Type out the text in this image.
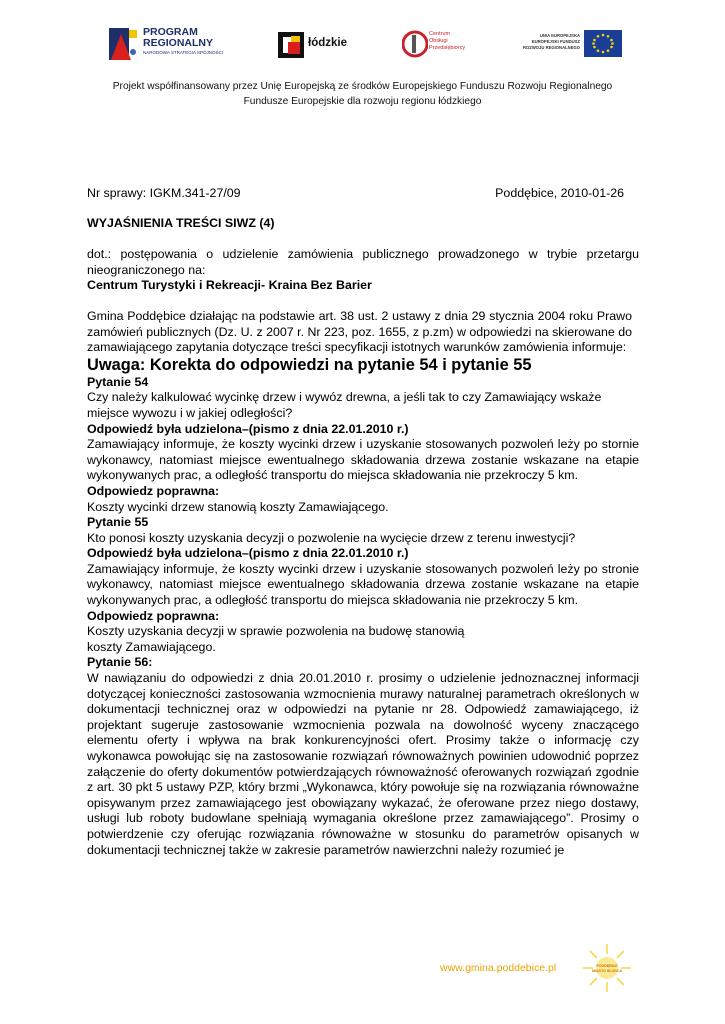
PROGRAM
REGIONALNY
NARODOWA STRATEGIA SPÓJNOŚCI
łódzkie
Centrum
Obsługi
Przedsiębiorcy
UNIA EUROPEJSKA
EUROPEJSKI FUNDUSZ
ROZWOJU REGIONALNEGO
Projekt współfinansowany przez Unię Europejską ze środków Europejskiego Funduszu Rozwoju Regionalnego
Fundusze Europejskie dla rozwoju regionu łódzkiego
Nr sprawy: IGKM.341-27/09	Poddębice, 2010-01-26

WYJAŚNIENIA TREŚCI SIWZ (4)

dot.: postępowania o udzielenie zamówienia publicznego prowadzonego w trybie przetargu nieograniczonego na:

Centrum Turystyki i Rekreacji- Kraina Bez Barier

Gmina Poddębice działając na podstawie art. 38 ust. 2 ustawy z dnia 29 stycznia 2004 roku Prawo zamówień publicznych (Dz. U. z 2007 r. Nr 223, poz. 1655, z p.zm) w odpowiedzi na skierowane do zamawiającego zapytania dotyczące treści specyfikacji istotnych warunków zamówienia informuje:

Uwaga: Korekta do odpowiedzi na pytanie 54 i pytanie 55

Pytanie 54

Czy należy kalkulować wycinkę drzew i wywóz drewna, a jeśli tak to czy Zamawiający wskaże miejsce wywozu i w jakiej odległości?

Odpowiedź była udzielona–(pismo z dnia 22.01.2010 r.)

Zamawiający informuje, że koszty wycinki drzew i uzyskanie stosowanych pozwoleń leży po stornie wykonawcy, natomiast miejsce ewentualnego składowania drzewa zostanie wskazane na etapie wykonywanych prac, a odległość transportu do miejsca składowania nie przekroczy 5 km.

Odpowiedz poprawna:

Koszty wycinki drzew stanowią koszty Zamawiającego.

Pytanie 55

Kto ponosi koszty uzyskania decyzji o pozwolenie na wycięcie drzew z terenu inwestycji?

Odpowiedź była udzielona–(pismo z dnia 22.01.2010 r.)

Zamawiający informuje, że koszty wycinki drzew i uzyskanie stosowanych pozwoleń leży po stronie wykonawcy, natomiast miejsce ewentualnego składowania drzewa zostanie wskazane na etapie wykonywanych prac, a odległość transportu do miejsca składowania nie przekroczy 5 km.

Odpowiedz poprawna:

Koszty uzyskania decyzji w sprawie pozwolenia na budowę stanowią koszty Zamawiającego.

Pytanie 56:

W nawiązaniu do odpowiedzi z dnia 20.01.2010 r. prosimy o udzielenie jednoznacznej informacji dotyczącej konieczności zastosowania wzmocnienia murawy naturalnej parametrach określonych w dokumentacji technicznej oraz w odpowiedzi na pytanie nr 28. Odpowiedź zamawiającego, iż projektant sugeruje zastosowanie wzmocnienia pozwala na dowolność wyceny znaczącego elementu oferty i wpływa na brak konkurencyjności ofert. Prosimy także o informację czy wykonawca powołując się na zastosowanie rozwiązań równoważnych powinien udowodnić poprzez załączenie do oferty dokumentów potwierdzających równoważność oferowanych rozwiązań zgodnie z art. 30 pkt 5 ustawy PZP, który brzmi „Wykonawca, który powołuje się na rozwiązania równoważne opisywanym przez zamawiającego jest obowiązany wykazać, że oferowane przez niego dostawy, usługi lub roboty budowlane spełniają wymagania określone przez zamawiającego”. Prosimy o potwierdzenie czy oferując rozwiązania równoważne w stosunku do parametrów opisanych w dokumentacji technicznej także w zakresie parametrów nawierzchni należy rozumieć je

www.gmina.poddebice.pl	PODDĘBICE
MIASTO SŁOŃCA
